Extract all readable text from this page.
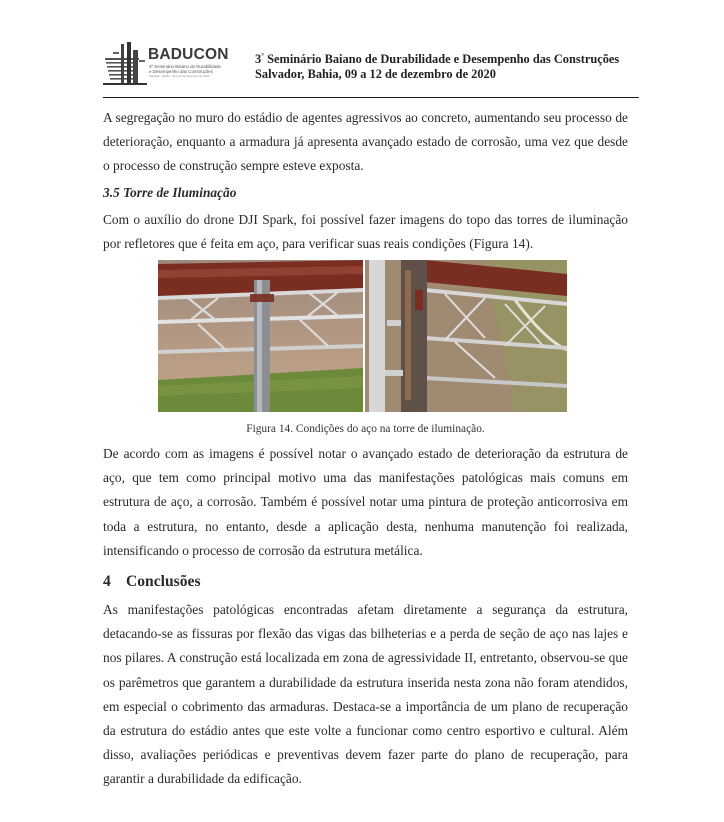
BADUCON
3º Seminário Baiano de Durabilidade
e Desempenho das Construções
Salvador · Bahia · 09 a 12 de dezembro de 2020
3° Seminário Baiano de Durabilidade e Desempenho das Construções
Salvador, Bahia, 09 a 12 de dezembro de 2020

A segregação no muro do estádio de agentes agressivos ao concreto, aumentando seu processo de deterioração, enquanto a armadura já apresenta avançado estado de corrosão, uma vez que desde o processo de construção sempre esteve exposta.

3.5 Torre de Iluminação

Com o auxílio do drone DJI Spark, foi possível fazer imagens do topo das torres de iluminação por refletores que é feita em aço, para verificar suas reais condições (Figura 14).

Figura 14. Condições do aço na torre de iluminação.

De acordo com as imagens é possível notar o avançado estado de deterioração da estrutura de aço, que tem como principal motivo uma das manifestações patológicas mais comuns em estrutura de aço, a corrosão. Também é possível notar uma pintura de proteção anticorrosiva em toda a estrutura, no entanto, desde a aplicação desta, nenhuma manutenção foi realizada, intensificando o processo de corrosão da estrutura metálica.

4 Conclusões

As manifestações patológicas encontradas afetam diretamente a segurança da estrutura, detacando-se as fissuras por flexão das vigas das bilheterias e a perda de seção de aço nas lajes e nos pilares. A construção está localizada em zona de agressividade II, entretanto, observou-se que os parêmetros que garantem a durabilidade da estrutura inserida nesta zona não foram atendidos, em especial o cobrimento das armaduras. Destaca-se a importância de um plano de recuperação da estrutura do estádio antes que este volte a funcionar como centro esportivo e cultural. Além disso, avaliações periódicas e preventivas devem fazer parte do plano de recuperação, para garantir a durabilidade da edificação.
